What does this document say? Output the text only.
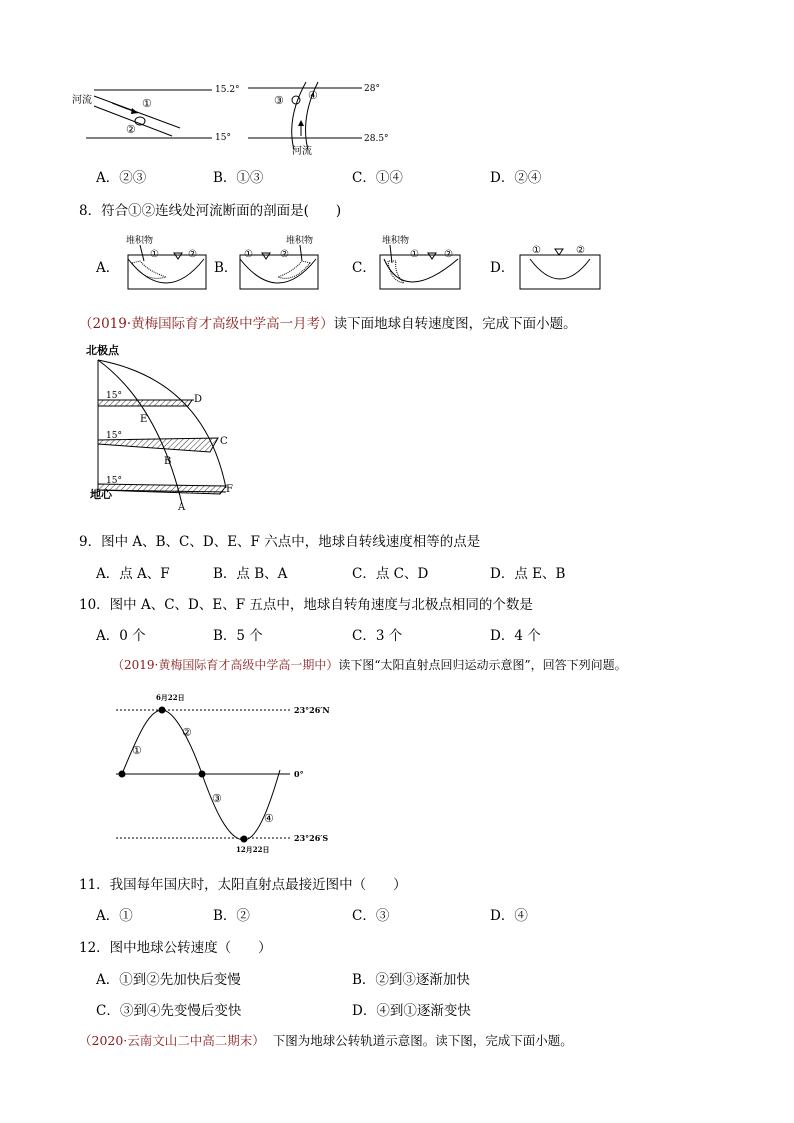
河流
15.2°
15°
①
②
③ ④	28°
28.5°
河流
A．②③	B．①③	C．①④	D．②④
8．符合①②连线处河流断面的剖面是(　　)
A．
堆积物
①	②
B．
堆积物
①	②
C．
堆积物
①	②
D．
①	②
（2019·黄梅国际育才高级中学高一月考）读下面地球自转速度图，完成下面小题。
北极点
地心
15°
15°
15°
D
E
C
B
F
A
9．图中 A、B、C、D、E、F 六点中，地球自转线速度相等的点是
A．点 A、F	B．点 B、A	C．点 C、D	D．点 E、B
10．图中 A、C、D、E、F 五点中，地球自转角速度与北极点相同的个数是
A．0 个	B．5 个	C．3 个	D．4 个
（2019·黄梅国际育才高级中学高一期中）读下图“太阳直射点回归运动示意图”，回答下列问题。
6月22日
12月22日
23°26′N
0°
23°26′S
①
②
③
④
11．我国每年国庆时，太阳直射点最接近图中（　　）
A．①	B．②	C．③	D．④
12．图中地球公转速度（　　）
A．①到②先加快后变慢	B．②到③逐渐加快
C．③到④先变慢后变快	D．④到①逐渐变快
（2020·云南文山二中高二期末） 下图为地球公转轨道示意图。读下图，完成下面小题。
